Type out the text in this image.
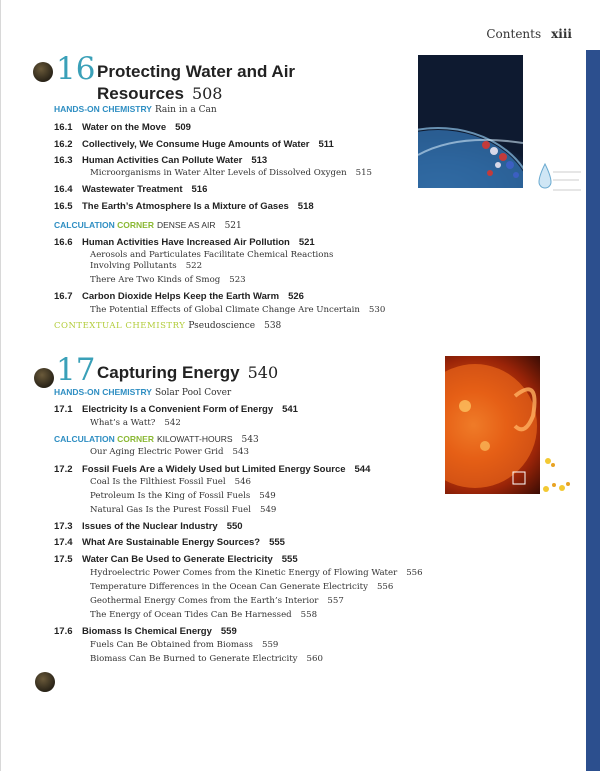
Contents xiii
16 Protecting Water and Air
Resources 508
HANDS-ON CHEMISTRY Rain in a Can
16.1 Water on the Move 509
16.2 Collectively, We Consume Huge Amounts of Water 511
16.3 Human Activities Can Pollute Water 513
Microorganisms in Water Alter Levels of Dissolved Oxygen 515
16.4 Wastewater Treatment 516
16.5 The Earth’s Atmosphere Is a Mixture of Gases 518
CALCULATION CORNER DENSE AS AIR 521
16.6 Human Activities Have Increased Air Pollution 521
Aerosols and Particulates Facilitate Chemical Reactions
Involving Pollutants 522
There Are Two Kinds of Smog 523
16.7 Carbon Dioxide Helps Keep the Earth Warm 526
The Potential Effects of Global Climate Change Are Uncertain 530
CONTEXTUAL CHEMISTRY Pseudoscience 538
17 Capturing Energy 540
HANDS-ON CHEMISTRY Solar Pool Cover
17.1 Electricity Is a Convenient Form of Energy 541
What’s a Watt? 542
CALCULATION CORNER KILOWATT-HOURS 543
Our Aging Electric Power Grid 543
17.2 Fossil Fuels Are a Widely Used but Limited Energy Source 544
Coal Is the Filthiest Fossil Fuel 546
Petroleum Is the King of Fossil Fuels 549
Natural Gas Is the Purest Fossil Fuel 549
17.3 Issues of the Nuclear Industry 550
17.4 What Are Sustainable Energy Sources? 555
17.5 Water Can Be Used to Generate Electricity 555
Hydroelectric Power Comes from the Kinetic Energy of Flowing Water 556
Temperature Differences in the Ocean Can Generate Electricity 556
Geothermal Energy Comes from the Earth’s Interior 557
The Energy of Ocean Tides Can Be Harnessed 558
17.6 Biomass Is Chemical Energy 559
Fuels Can Be Obtained from Biomass 559
Biomass Can Be Burned to Generate Electricity 560
